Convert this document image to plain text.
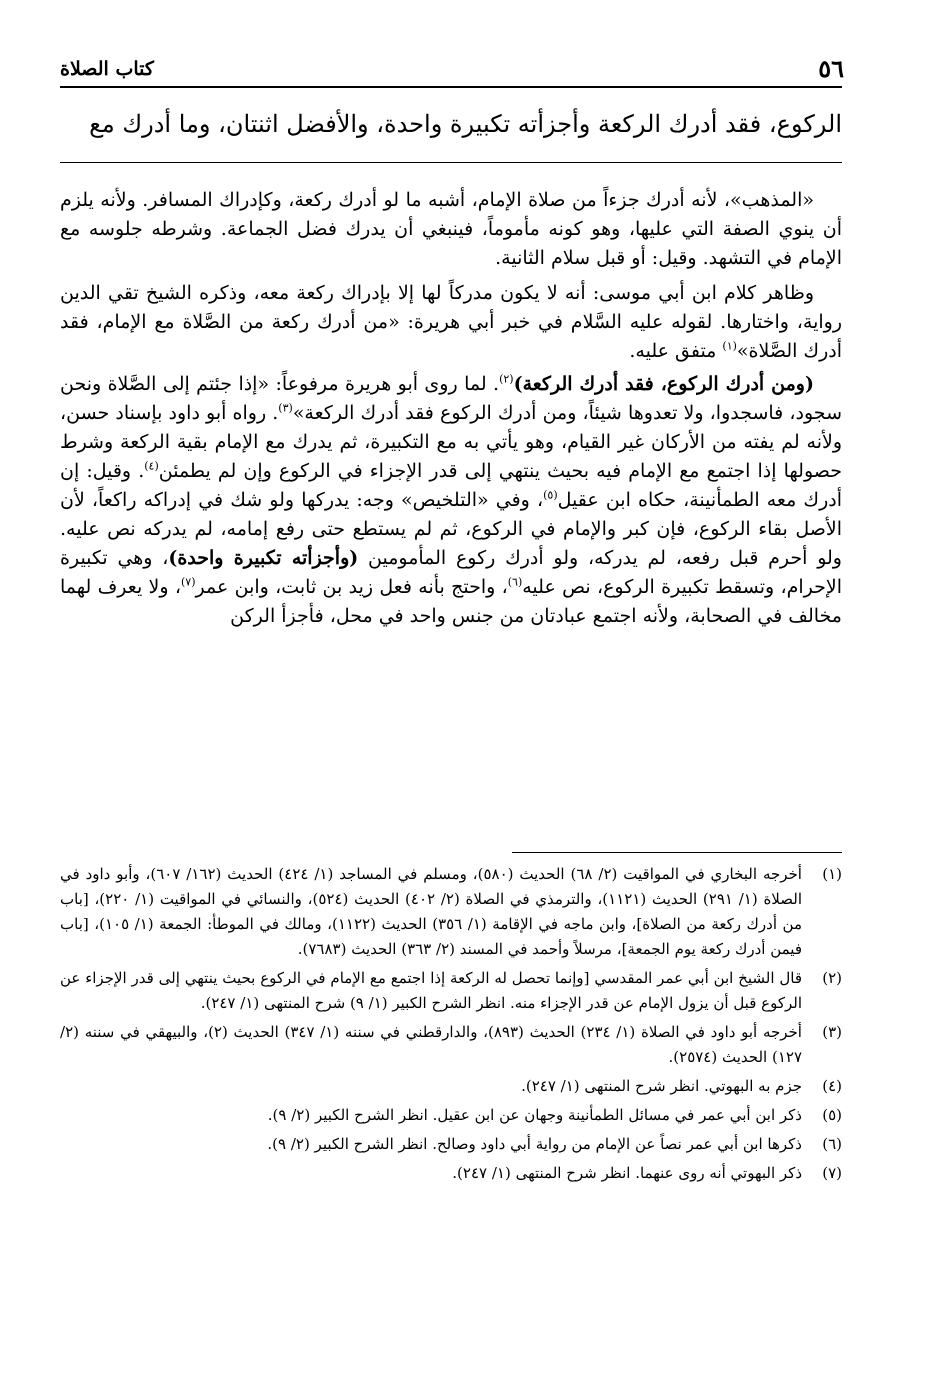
٥٦
كتاب الصلاة
الركوع، فقد أدرك الركعة وأجزأته تكبيرة واحدة، والأفضل اثنتان، وما أدرك مع

«المذهب»، لأنه أدرك جزءاً من صلاة الإمام، أشبه ما لو أدرك ركعة، وكإدراك المسافر. ولأنه يلزم أن ينوي الصفة التي عليها، وهو كونه مأموماً، فينبغي أن يدرك فضل الجماعة. وشرطه جلوسه مع الإمام في التشهد. وقيل: أو قبل سلام الثانية.

وظاهر كلام ابن أبي موسى: أنه لا يكون مدركاً لها إلا بإدراك ركعة معه، وذكره الشيخ تقي الدين رواية، واختارها. لقوله عليه السَّلام في خبر أبي هريرة: «من أدرك ركعة من الصَّلاة مع الإمام، فقد أدرك الصَّلاة»$^{(١)}$ متفق عليه.

(ومن أدرك الركوع، فقد أدرك الركعة)$^{(٢)}$. لما روى أبو هريرة مرفوعاً: «إذا جئتم إلى الصَّلاة ونحن سجود، فاسجدوا، ولا تعدوها شيئاً، ومن أدرك الركوع فقد أدرك الركعة»$^{(٣)}$. رواه أبو داود بإسناد حسن، ولأنه لم يفته من الأركان غير القيام، وهو يأتي به مع التكبيرة، ثم يدرك مع الإمام بقية الركعة وشرط حصولها إذا اجتمع مع الإمام فيه بحيث ينتهي إلى قدر الإجزاء في الركوع وإن لم يطمئن$^{(٤)}$. وقيل: إن أدرك معه الطمأنينة، حكاه ابن عقيل$^{(٥)}$، وفي «التلخيص» وجه: يدركها ولو شك في إدراكه راكعاً، لأن الأصل بقاء الركوع، فإن كبر والإمام في الركوع، ثم لم يستطع حتى رفع إمامه، لم يدركه نص عليه. ولو أحرم قبل رفعه، لم يدركه، ولو أدرك ركوع المأمومين (وأجزأته تكبيرة واحدة)، وهي تكبيرة الإحرام، وتسقط تكبيرة الركوع، نص عليه$^{(٦)}$، واحتج بأنه فعل زيد بن ثابت، وابن عمر$^{(٧)}$، ولا يعرف لهما مخالف في الصحابة، ولأنه اجتمع عبادتان من جنس واحد في محل، فأجزأ الركن

(١)
أخرجه البخاري في المواقيت (٢/ ٦٨) الحديث (٥٨٠)، ومسلم في المساجد (١/ ٤٢٤) الحديث (١٦٢/ ٦٠٧)، وأبو داود في الصلاة (١/ ٢٩١) الحديث (١١٢١)، والترمذي في الصلاة (٢/ ٤٠٢) الحديث (٥٢٤)، والنسائي في المواقيت (١/ ٢٢٠)، [باب من أدرك ركعة من الصلاة]، وابن ماجه في الإقامة (١/ ٣٥٦) الحديث (١١٢٢)، ومالك في الموطأ: الجمعة (١/ ١٠٥)، [باب فيمن أدرك ركعة يوم الجمعة]، مرسلاً وأحمد في المسند (٢/ ٣٦٣) الحديث (٧٦٨٣).
(٢)
قال الشيخ ابن أبي عمر المقدسي [وإنما تحصل له الركعة إذا اجتمع مع الإمام في الركوع بحيث ينتهي إلى قدر الإجزاء عن الركوع قبل أن يزول الإمام عن قدر الإجزاء منه. انظر الشرح الكبير (١/ ٩) شرح المنتهى (١/ ٢٤٧).
(٣)
أخرجه أبو داود في الصلاة (١/ ٢٣٤) الحديث (٨٩٣)، والدارقطني في سننه (١/ ٣٤٧) الحديث (٢)، والبيهقي في سننه (٢/ ١٢٧) الحديث (٢٥٧٤).
(٤)
جزم به البهوتي. انظر شرح المنتهى (١/ ٢٤٧).
(٥)
ذكر ابن أبي عمر في مسائل الطمأنينة وجهان عن ابن عقيل. انظر الشرح الكبير (٢/ ٩).
(٦)
ذكرها ابن أبي عمر نصاً عن الإمام من رواية أبي داود وصالح. انظر الشرح الكبير (٢/ ٩).
(٧)
ذكر البهوتي أنه روى عنهما. انظر شرح المنتهى (١/ ٢٤٧).
